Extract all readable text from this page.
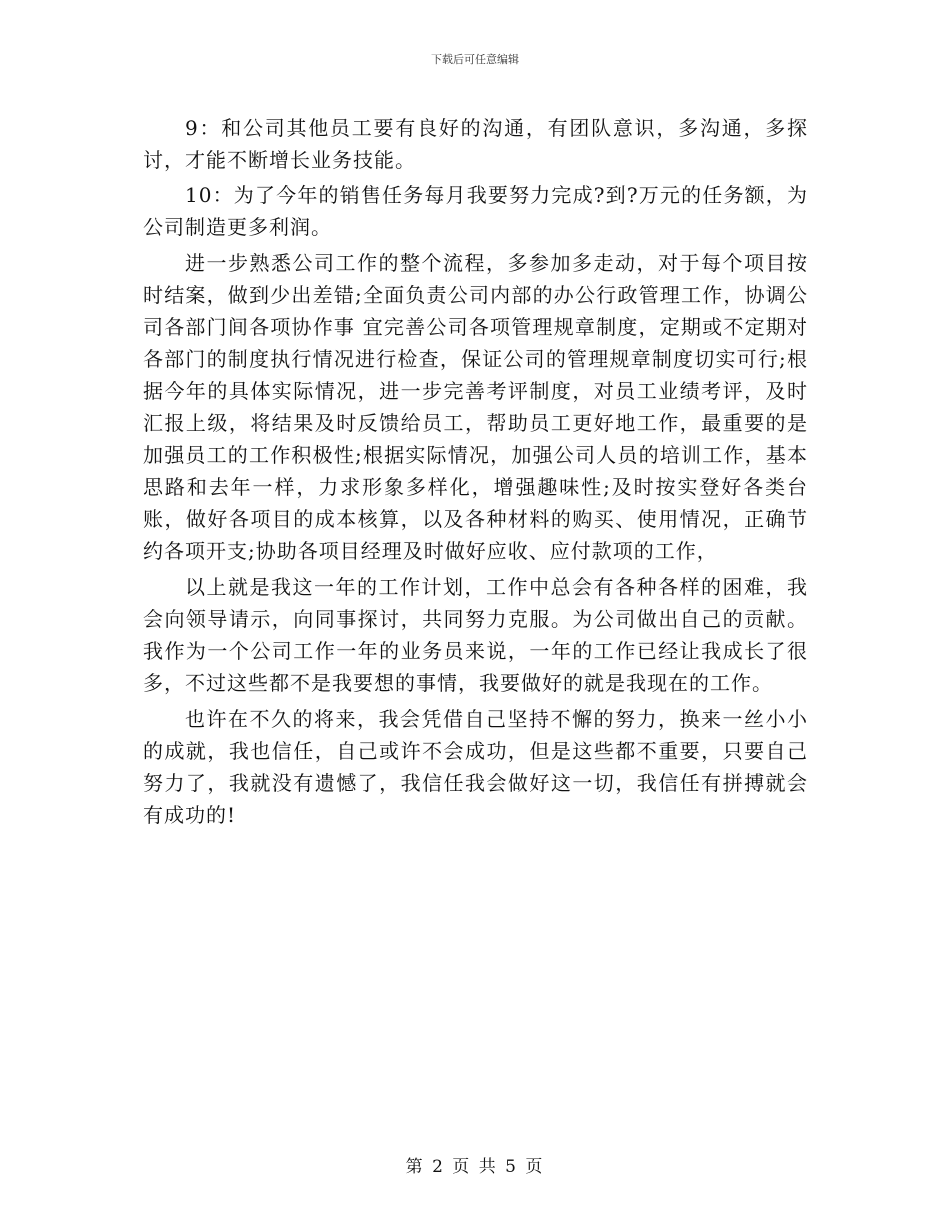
下载后可任意编辑

9：和公司其他员工要有良好的沟通，有团队意识，多沟通，多探讨，才能不断增长业务技能。

10：为了今年的销售任务每月我要努力完成?到?万元的任务额，为公司制造更多利润。

进一步熟悉公司工作的整个流程，多参加多走动，对于每个项目按时结案，做到少出差错;全面负责公司内部的办公行政管理工作，协调公司各部门间各项协作事 宜完善公司各项管理规章制度，定期或不定期对各部门的制度执行情况进行检查，保证公司的管理规章制度切实可行;根据今年的具体实际情况，进一步完善考评制度，对员工业绩考评，及时汇报上级，将结果及时反馈给员工，帮助员工更好地工作，最重要的是加强员工的工作积极性;根据实际情况，加强公司人员的培训工作，基本思路和去年一样，力求形象多样化，增强趣味性;及时按实登好各类台账，做好各项目的成本核算，以及各种材料的购买、使用情况，正确节约各项开支;协助各项目经理及时做好应收、应付款项的工作，

以上就是我这一年的工作计划，工作中总会有各种各样的困难，我会向领导请示，向同事探讨，共同努力克服。为公司做出自己的贡献。 我作为一个公司工作一年的业务员来说，一年的工作已经让我成长了很多，不过这些都不是我要想的事情，我要做好的就是我现在的工作。

也许在不久的将来，我会凭借自己坚持不懈的努力，换来一丝小小的成就，我也信任，自己或许不会成功，但是这些都不重要，只要自己努力了，我就没有遗憾了，我信任我会做好这一切，我信任有拼搏就会有成功的!

第 2 页 共 5 页
